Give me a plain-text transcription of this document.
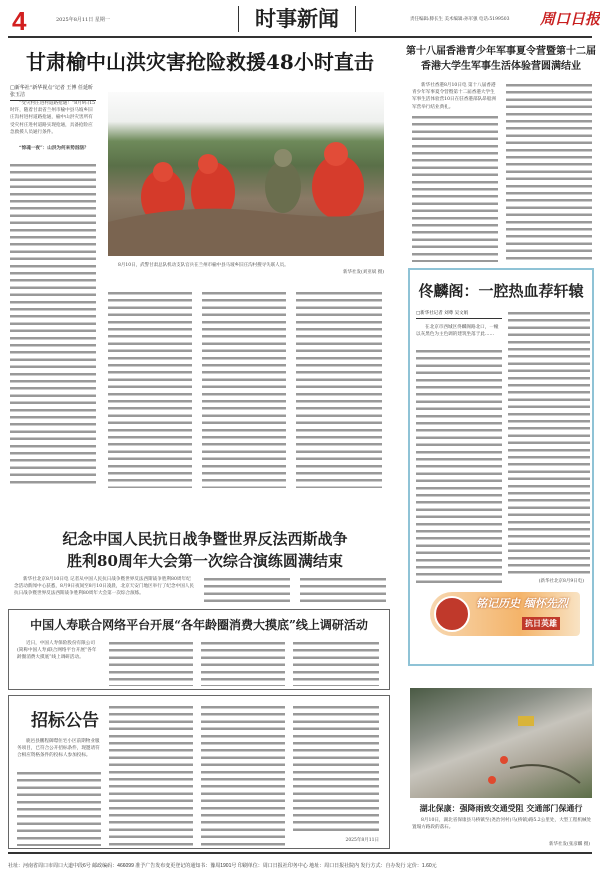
4	2025年8月11日 星期一	时事新闻	责任编辑:滕长生 美术编辑:孙军强 电话:5199503 周口日报
甘肃榆中山洪灾害抢险救援48小时直击
□新华社“新华视点”记者 王博 任延昕 张玉洁
“受灾村庄进村道路抢通！”8月9日15时许，随着甘肃省兰州市榆中县马坡乡旧庄沟村进村道路抢通，榆中山洪灾害所有受灾村庄进村道路实现抢通，具备抢险应急救援人员通行条件。
“惊魂一夜”：山洪为何来势汹汹？
8月10日，武警甘肃总队机动支队官兵在兰州市榆中县马坡乡旧庄沟村搜寻失联人员。
新华社发(刘亚斌 摄)
纪念中国人民抗日战争暨世界反法西斯战争
胜利80周年大会第一次综合演练圆满结束
新华社北京8月10日电 记者从中国人民抗日战争暨世界反法西斯战争胜利80周年纪念活动新闻中心获悉，8月9日夜间至8月10日凌晨，北京天安门地区举行了纪念中国人民抗日战争暨世界反法西斯战争胜利80周年大会第一次综合演练。
中国人寿联合网络平台开展“各年龄圈消费大摸底”线上调研活动
近日，中国人寿保险股份有限公司(简称中国人寿)联合网络平台开展“各年龄圈消费大摸底”线上调研活动。
招标公告
鹿邑县鹏程御璟住宅小区前期物业服务项目，已符合公开招标条件，现邀请符合相应资格条件的投标人参加投标。
2025年8月11日
第十八届香港青少年军事夏令营暨第十二届
香港大学生军事生活体验营圆满结业
新华社香港8月10日电 第十八届香港青少年军事夏令营暨第十二届香港大学生军事生活体验营10日在驻香港部队昂船洲军营举行结业典礼。
佟麟阁：一腔热血荐轩辕
□新华社记者 刘尊 吴文娟
在北京市西城区佟麟阁路北口，一幢以灰黑色为主色调的建筑坐落于此……
(新华社北京8月9日电)
铭记历史 缅怀先烈
抗日英雄
湖北保康：强降雨致交通受阻 交通部门保通行
8月10日，湖北省保康县马桥镇至(尧治河村)马(桥镇)路5.2公里处，大型工程机械处置塌方路段的落石。
新华社发(张彦麟 摄)
社址：河南省周口市周口大道中段6号 邮政编码：466099 准予广告发布变更登记的通知书：豫周1901号 印刷单位：周口日报社印务中心 地址：周口日报社院内 发行方式：自办发行 定价：1.60元
